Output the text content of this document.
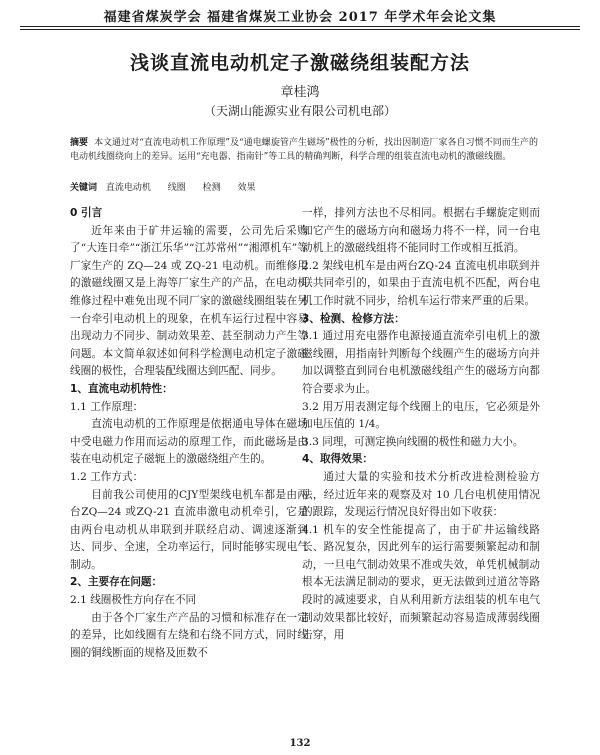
福建省煤炭学会 福建省煤炭工业协会 2017 年学术年会论文集
浅谈直流电动机定子激磁绕组装配方法
章桂鸿
（天湖山能源实业有限公司机电部）
摘要 本文通过对“直流电动机工作原理”及“通电螺旋管产生磁场”极性的分析，找出因制造厂家各自习惯不同而生产的电动机线圈绕向上的差异。运用“充电器、指南针”等工具的精确判断，科学合理的组装直流电动机的激磁线圈。
关键词 直流电动机 线圈 检测 效果

0 引言

近年来由于矿井运输的需要，公司先后采购了“大连日牵”“浙江乐华”“江苏常州”“湘潭机车”等厂家生产的 ZQ—24 或 ZQ-21 电动机。而维修用的激磁线圈又是上海等厂家生产的产品，在电动机维修过程中难免出现不同厂家的激磁线圈组装在另一台牵引电动机上的现象，在机车运行过程中容易出现动力不同步、制动效果差、甚至制动力产生等问题。本文简单叙述如何科学检测电动机定子激磁线圈的极性，合理装配线圈达到匹配、同步。

1、直流电动机特性：

1.1 工作原理：

直流电动机的工作原理是依据通电导体在磁场中受电磁力作用而运动的原理工作，而此磁场是由装在电动机定子磁轭上的激磁绕组产生的。

1.2 工作方式：

目前我公司使用的CJY型架线电机车都是由两台ZQ—24 或ZQ-21 直流串激电动机牵引，它是由两台电动机从串联到并联经启动、调速逐渐到达、同步、全速，全功率运行，同时能够实现电气制动。

2、主要存在问题：

2.1 线圈极性方向存在不同

由于各个厂家生产产品的习惯和标准存在一定的差异，比如线圈有左绕和右绕不同方式，同时线圈的铜线断面的规格及匝数不

一样，排列方法也不尽相同。根据右手螺旋定则而知它产生的磁场方向和磁场力将不一样，同一台电动机上的激磁线组将不能同时工作或相互抵消。

2.2 架线电机车是由两台ZQ-24 直流电机串联到并联共同牵引的，如果由于直流电机不匹配，两台电机工作时就不同步，给机车运行带来严重的后果。

3、检测、检修方法：

3.1 通过用充电器作电源接通直流牵引电机上的激磁线圈，用指南针判断每个线圈产生的磁场方向并加以调整直到同台电机激磁线组产生的磁场方向都符合要求为止。

3.2 用万用表测定每个线圈上的电压，它必须是外加电压值的 1/4。

3.3 同理，可测定换向线圈的极性和磁力大小。

4、取得效果：

通过大量的实验和技术分析改进检测检验方法，经过近年来的观察及对 10 几台电机使用情况的跟踪，发现运行情况良好得出如下收获：

4.1 机车的安全性能提高了，由于矿井运输线路长、路况复杂，因此列车的运行需要频繁起动和制动，一旦电气制动效果不准或失效，单凭机械制动根本无法满足制动的要求，更无法做到过道岔等路段时的减速要求，自从利用新方法组装的机车电气制动效果都比较好，而频繁起动容易造成薄弱线圈击穿，用

132
